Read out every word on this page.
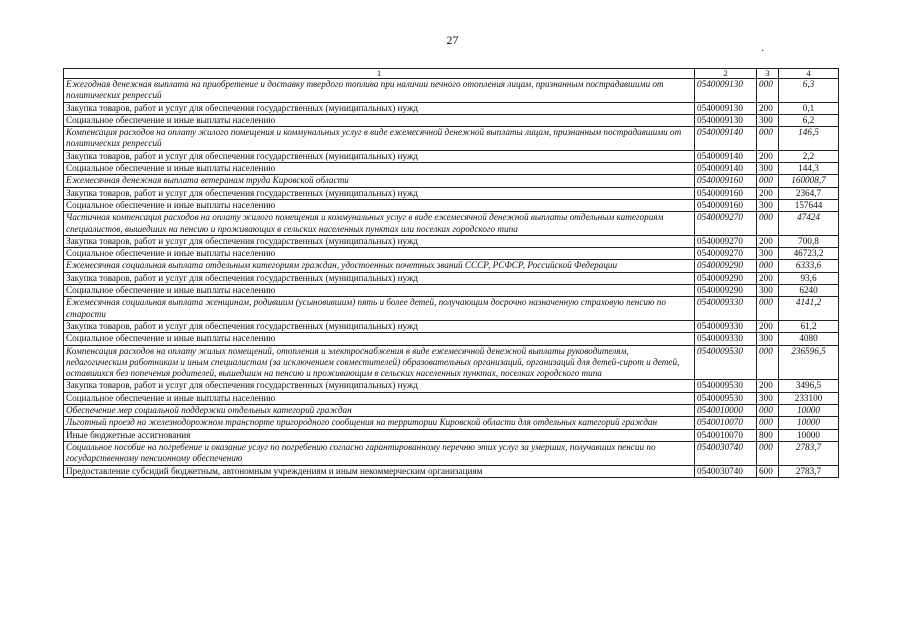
27
·
1	2	3	4
Ежегодная денежная выплата на приобретение и доставку твердого топлива при наличии печного отопления лицам, признанным пострадавшими от политических репрессий	0540009130	000	6,3
Закупка товаров, работ и услуг для обеспечения государственных (муниципальных) нужд	0540009130	200	0,1
Социальное обеспечение и иные выплаты населению	0540009130	300	6,2
Компенсация расходов на оплату жилого помещения и коммунальных услуг в виде ежемесячной денежной выплаты лицам, признанным пострадавшими от политических репрессий	0540009140	000	146,5
Закупка товаров, работ и услуг для обеспечения государственных (муниципальных) нужд	0540009140	200	2,2
Социальное обеспечение и иные выплаты населению	0540009140	300	144,3
Ежемесячная денежная выплата ветеранам труда Кировской области	0540009160	000	160008,7
Закупка товаров, работ и услуг для обеспечения государственных (муниципальных) нужд	0540009160	200	2364,7
Социальное обеспечение и иные выплаты населению	0540009160	300	157644
Частичная компенсация расходов на оплату жилого помещения и коммунальных услуг в виде ежемесячной денежной выплаты отдельным категориям специалистов, вышедших на пенсию и проживающих в сельских населенных пунктах или поселках городского типа	0540009270	000	47424
Закупка товаров, работ и услуг для обеспечения государственных (муниципальных) нужд	0540009270	200	700,8
Социальное обеспечение и иные выплаты населению	0540009270	300	46723,2
Ежемесячная социальная выплата отдельным категориям граждан, удостоенных почетных званий СССР, РСФСР, Российской Федерации	0540009290	000	6333,6
Закупка товаров, работ и услуг для обеспечения государственных (муниципальных) нужд	0540009290	200	93,6
Социальное обеспечение и иные выплаты населению	0540009290	300	6240
Ежемесячная социальная выплата женщинам, родившим (усыновившим) пять и более детей, получающим досрочно назначенную страховую пенсию по старости	0540009330	000	4141,2
Закупка товаров, работ и услуг для обеспечения государственных (муниципальных) нужд	0540009330	200	61,2
Социальное обеспечение и иные выплаты населению	0540009330	300	4080
Компенсация расходов на оплату жилых помещений, отопления и электроснабжения в виде ежемесячной денежной выплаты руководителям, педагогическим работникам и иным специалистам (за исключением совместителей) образовательных организаций, организаций для детей-сирот и детей, оставшихся без попечения родителей, вышедшим на пенсию и проживающим в сельских населенных пунктах, поселках городского типа	0540009530	000	236596,5
Закупка товаров, работ и услуг для обеспечения государственных (муниципальных) нужд	0540009530	200	3496,5
Социальное обеспечение и иные выплаты населению	0540009530	300	233100
Обеспечение мер социальной поддержки отдельных категорий граждан	0540010000	000	10000
Льготный проезд на железнодорожном транспорте пригородного сообщения на территории Кировской области для отдельных категорий граждан	0540010070	000	10000
Иные бюджетные ассигнования	0540010070	800	10000
Социальное пособие на погребение и оказание услуг по погребению согласно гарантированному перечню этих услуг за умерших, получавших пенсии по государственному пенсионному обеспечению	0540030740	000	2783,7
Предоставление субсидий бюджетным, автономным учреждениям и иным некоммерческим организациям	0540030740	600	2783,7
